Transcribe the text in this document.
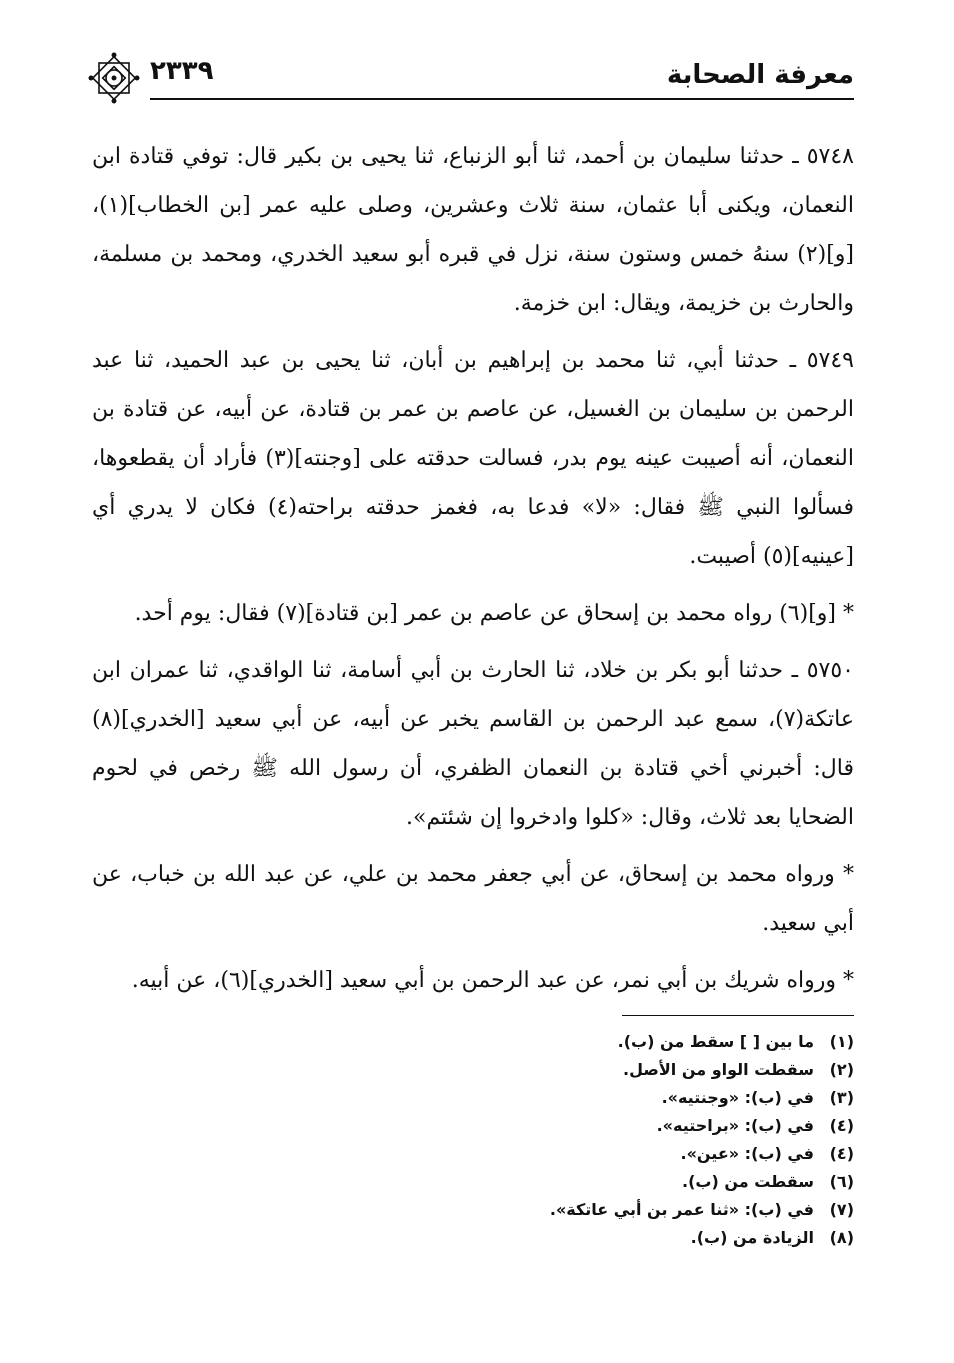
معرفة الصحابة
٢٣٣٩

٥٧٤٨ ـ حدثنا سليمان بن أحمد، ثنا أبو الزنباع، ثنا يحيى بن بكير قال: توفي قتادة ابن النعمان، ويكنى أبا عثمان، سنة ثلاث وعشرين، وصلى عليه عمر [بن الخطاب](١)، [و](٢) سنهُ خمس وستون سنة، نزل في قبره أبو سعيد الخدري، ومحمد بن مسلمة، والحارث بن خزيمة، ويقال: ابن خزمة.

٥٧٤٩ ـ حدثنا أبي، ثنا محمد بن إبراهيم بن أبان، ثنا يحيى بن عبد الحميد، ثنا عبد الرحمن بن سليمان بن الغسيل، عن عاصم بن عمر بن قتادة، عن أبيه، عن قتادة بن النعمان، أنه أصيبت عينه يوم بدر، فسالت حدقته على [وجنته](٣) فأراد أن يقطعوها، فسألوا النبي ﷺ فقال: «لا» فدعا به، فغمز حدقته براحته(٤) فكان لا يدري أي [عينيه](٥) أصيبت.

* [و](٦) رواه محمد بن إسحاق عن عاصم بن عمر [بن قتادة](٧) فقال: يوم أحد.

٥٧٥٠ ـ حدثنا أبو بكر بن خلاد، ثنا الحارث بن أبي أسامة، ثنا الواقدي، ثنا عمران ابن عاتكة(٧)، سمع عبد الرحمن بن القاسم يخبر عن أبيه، عن أبي سعيد [الخدري](٨) قال: أخبرني أخي قتادة بن النعمان الظفري، أن رسول الله ﷺ رخص في لحوم الضحايا بعد ثلاث، وقال: «كلوا وادخروا إن شئتم».

* ورواه محمد بن إسحاق، عن أبي جعفر محمد بن علي، عن عبد الله بن خباب، عن أبي سعيد.

* ورواه شريك بن أبي نمر، عن عبد الرحمن بن أبي سعيد [الخدري](٦)، عن أبيه.

(١)ما بين [ ] سقط من (ب).
(٢)سقطت الواو من الأصل.
(٣)في (ب): «وجنتيه».
(٤)في (ب): «براحتيه».
(٤)في (ب): «عين».
(٦)سقطت من (ب).
(٧)في (ب): «ثنا عمر بن أبي عاتكة».
(٨)الزيادة من (ب).
